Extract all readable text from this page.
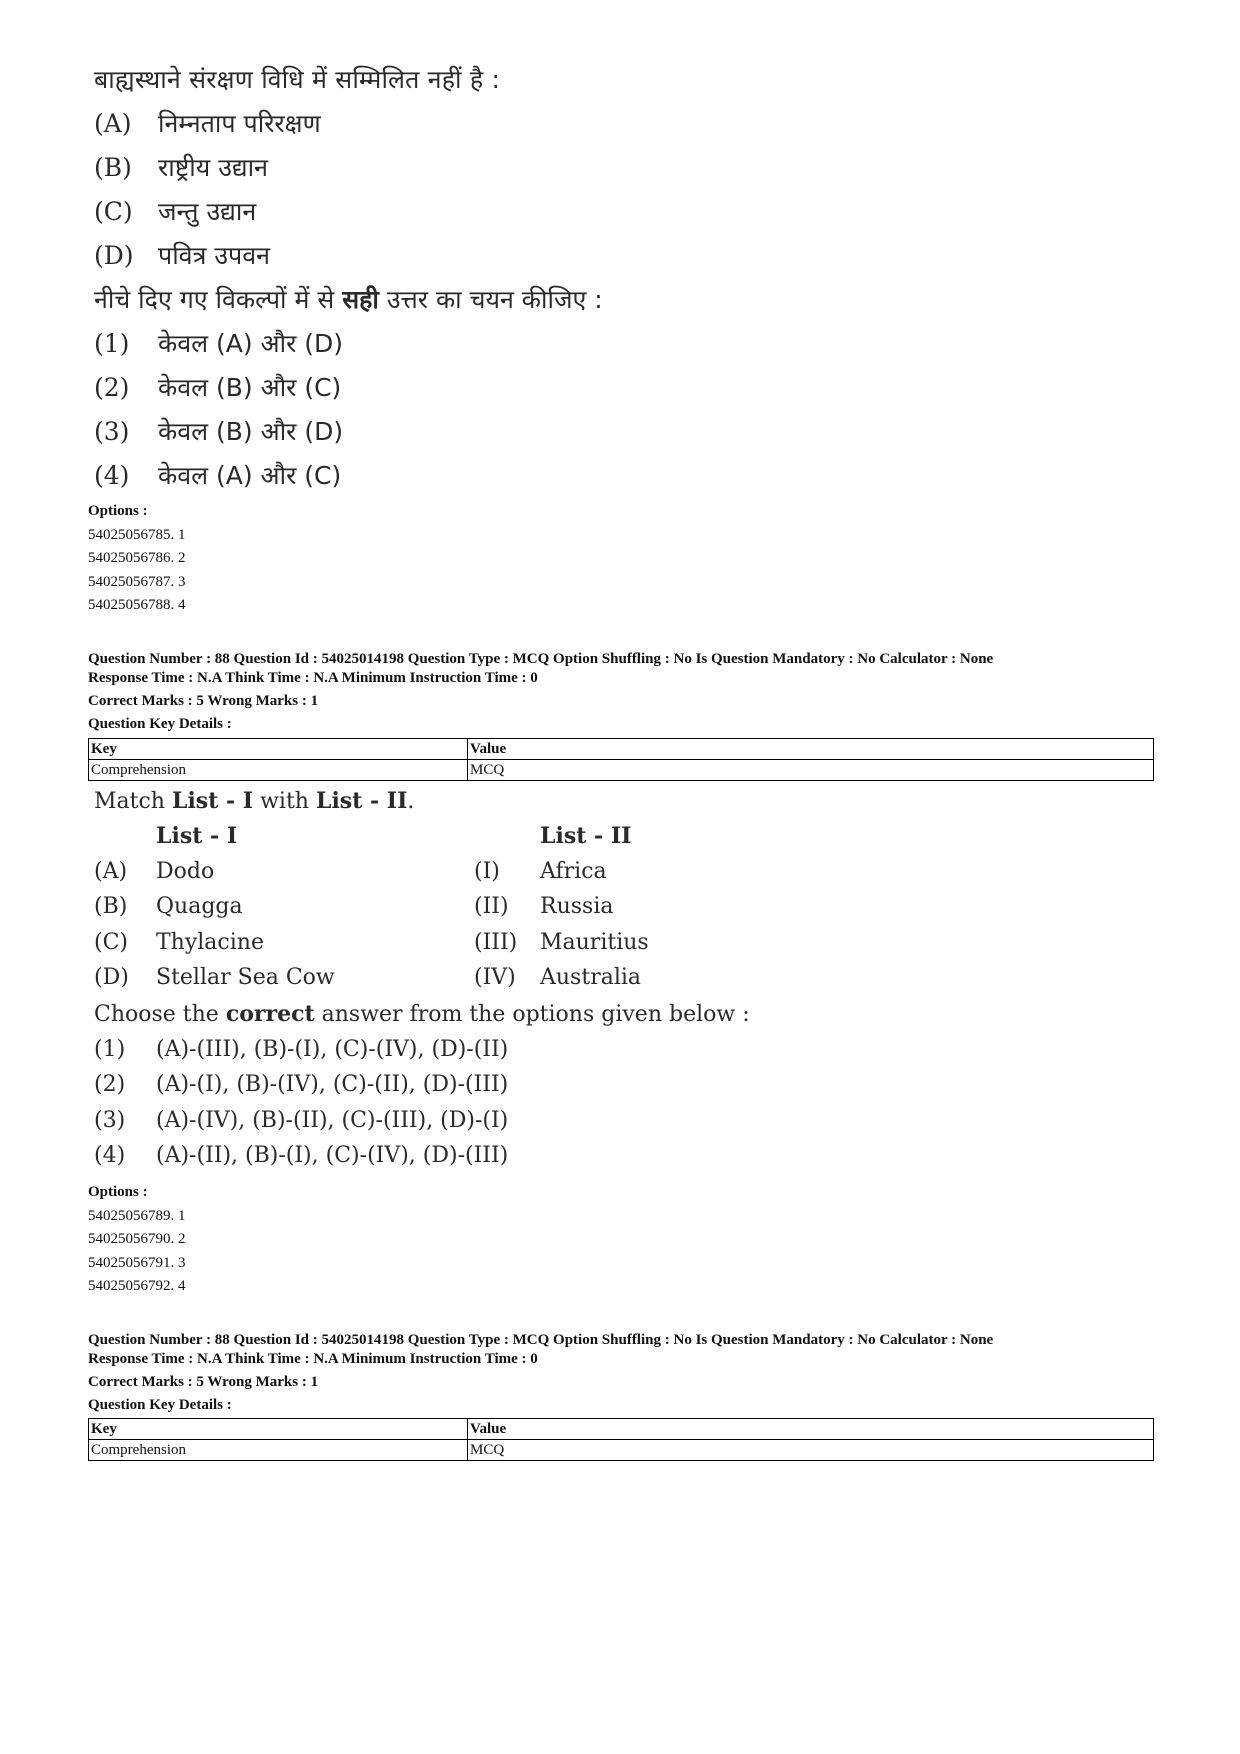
बाह्यस्थाने संरक्षण विधि में सम्मिलित नहीं है :
(A) निम्नताप परिरक्षण
(B) राष्ट्रीय उद्यान
(C) जन्तु उद्यान
(D) पवित्र उपवन
नीचे दिए गए विकल्पों में से सही उत्तर का चयन कीजिए :
(1) केवल (A) और (D)
(2) केवल (B) और (C)
(3) केवल (B) और (D)
(4) केवल (A) और (C)
Options :
54025056785. 1
54025056786. 2
54025056787. 3
54025056788. 4
Question Number : 88 Question Id : 54025014198 Question Type : MCQ Option Shuffling : No Is Question Mandatory : No Calculator : None
Response Time : N.A Think Time : N.A Minimum Instruction Time : 0
Correct Marks : 5 Wrong Marks : 1
Question Key Details :
Key	Value
Comprehension	MCQ
Match List - I with List - II.
List - I	List - II
(A) Dodo	(I) Africa
(B) Quagga	(II) Russia
(C) Thylacine	(III) Mauritius
(D) Stellar Sea Cow	(IV) Australia
Choose the correct answer from the options given below :
(1) (A)-(III), (B)-(I), (C)-(IV), (D)-(II)
(2) (A)-(I), (B)-(IV), (C)-(II), (D)-(III)
(3) (A)-(IV), (B)-(II), (C)-(III), (D)-(I)
(4) (A)-(II), (B)-(I), (C)-(IV), (D)-(III)
Options :
54025056789. 1
54025056790. 2
54025056791. 3
54025056792. 4
Question Number : 88 Question Id : 54025014198 Question Type : MCQ Option Shuffling : No Is Question Mandatory : No Calculator : None
Response Time : N.A Think Time : N.A Minimum Instruction Time : 0
Correct Marks : 5 Wrong Marks : 1
Question Key Details :
Key	Value
Comprehension	MCQ
